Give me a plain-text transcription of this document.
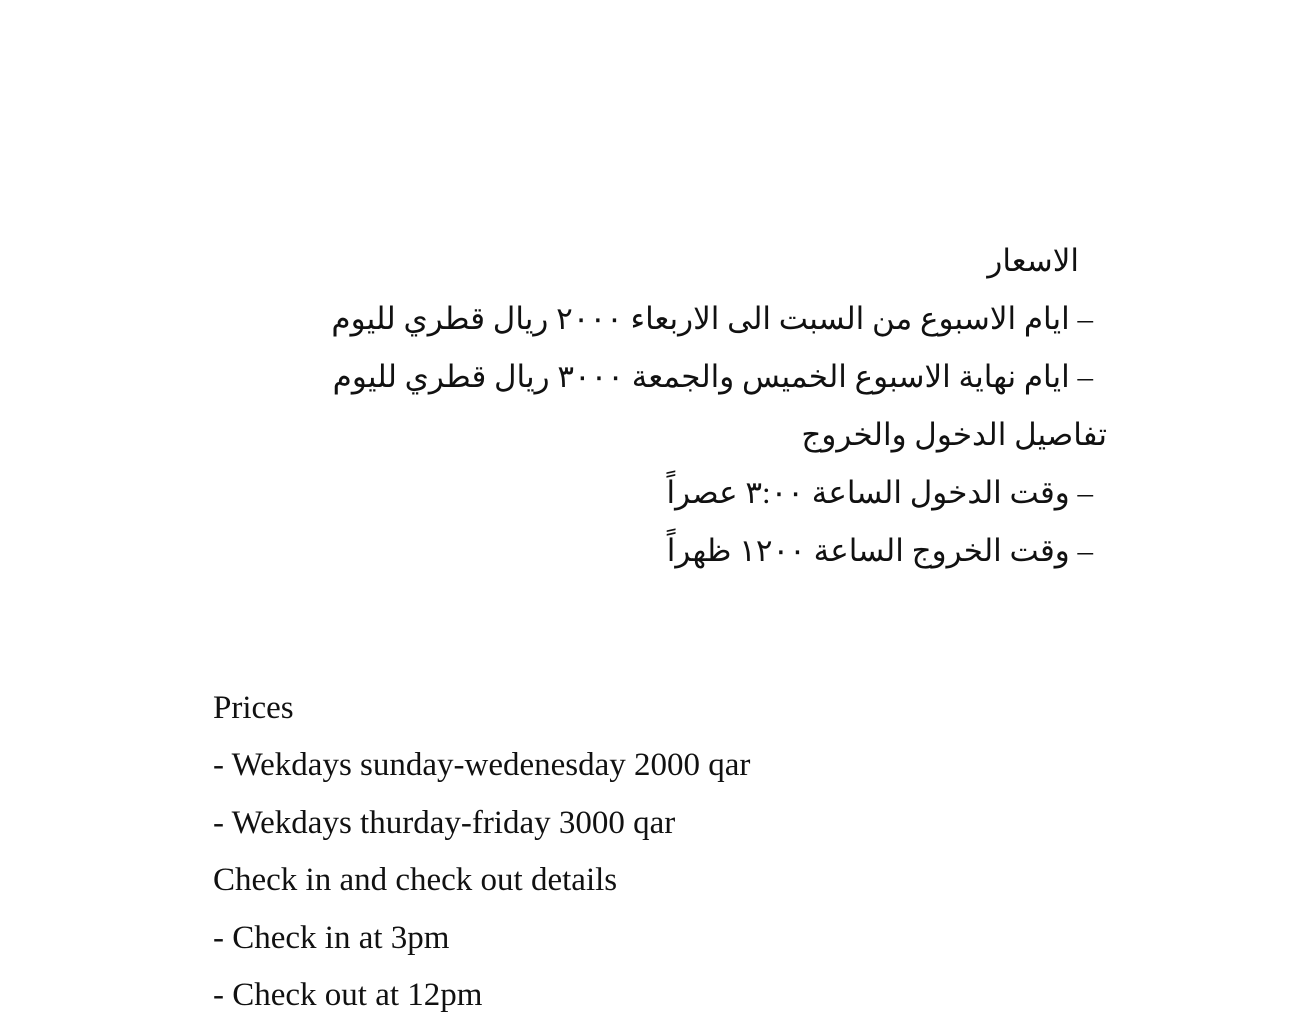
الاسعار
– ايام الاسبوع من السبت الى الاربعاء ٢٠٠٠ ريال قطري لليوم
– ايام نهاية الاسبوع الخميس والجمعة ٣٠٠٠ ريال قطري لليوم
تفاصيل الدخول والخروج
– وقت الدخول الساعة ٣:٠٠ عصراً
– وقت الخروج الساعة ١٢٠٠ ظهراً
Prices
- Wekdays sunday-wedenesday 2000 qar
- Wekdays thurday-friday 3000 qar
Check in and check out details
- Check in at 3pm
- Check out at 12pm
